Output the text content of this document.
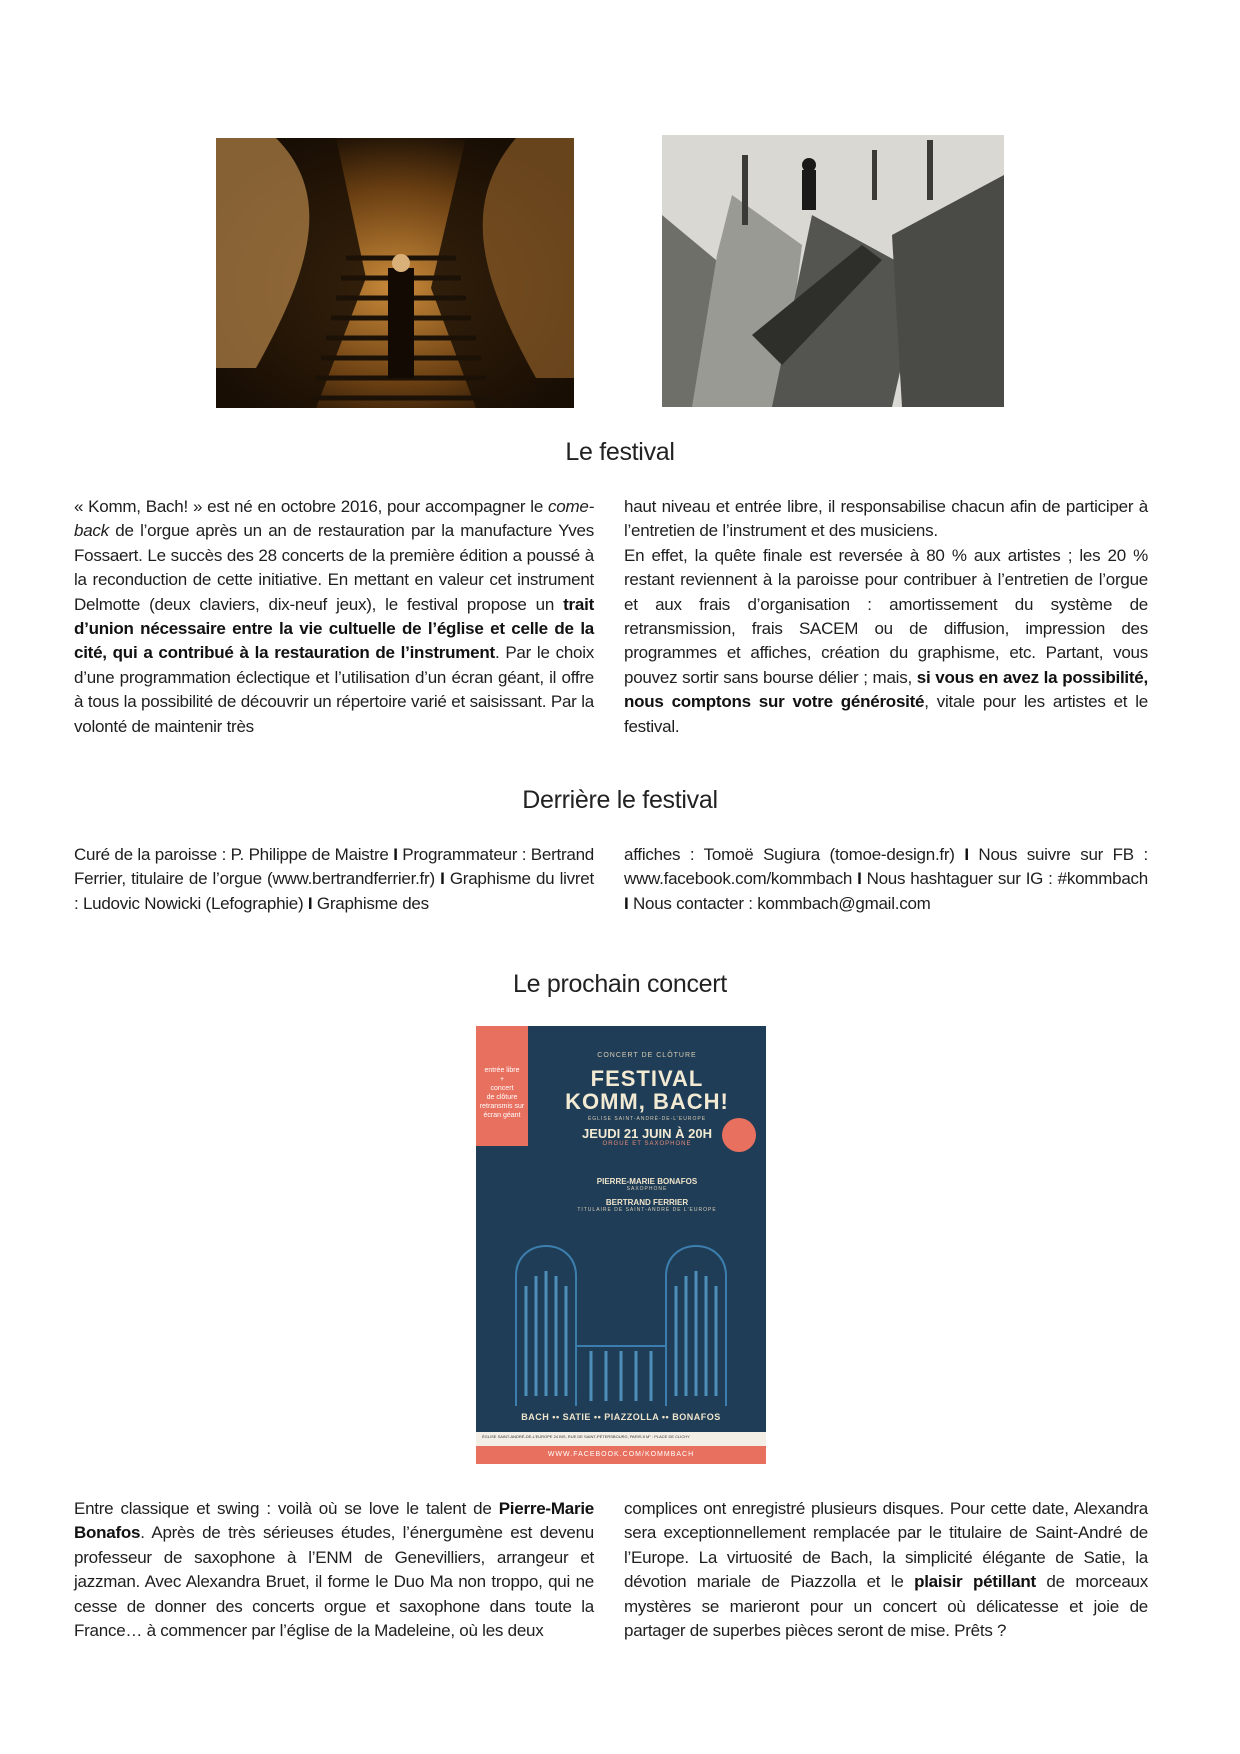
Le festival

« Komm, Bach! » est né en octobre 2016, pour accompagner le come-back de l’orgue après un an de restauration par la manufacture Yves Fossaert. Le succès des 28 concerts de la première édition a poussé à la reconduction de cette initiative. En mettant en valeur cet instrument Delmotte (deux claviers, dix-neuf jeux), le festival propose un trait d’union nécessaire entre la vie cultuelle de l’église et celle de la cité, qui a contribué à la restauration de l’instrument. Par le choix d’une programmation éclectique et l’utilisation d’un écran géant, il offre à tous la possibilité de découvrir un répertoire varié et saisissant. Par la volonté de maintenir très

haut niveau et entrée libre, il responsabilise chacun afin de participer à l’entretien de l’instrument et des musiciens.

En effet, la quête finale est reversée à 80 % aux artistes ; les 20 % restant reviennent à la paroisse pour contribuer à l’entretien de l’orgue et aux frais d’organisation : amortissement du système de retransmission, frais SACEM ou de diffusion, impression des programmes et affiches, création du graphisme, etc. Partant, vous pouvez sortir sans bourse délier ; mais, si vous en avez la possibilité, nous comptons sur votre générosité, vitale pour les artistes et le festival.

Derrière le festival

Curé de la paroisse : P. Philippe de Maistre I Programmateur : Bertrand Ferrier, titulaire de l’orgue (www.bertrandferrier.fr) I Graphisme du livret : Ludovic Nowicki (Lefographie) I Graphisme des

affiches : Tomoë Sugiura (tomoe-design.fr) I Nous suivre sur FB : www.facebook.com/kommbach I Nous hashtaguer sur IG : #kommbach I Nous contacter : kommbach@gmail.com

Le prochain concert
entrée libre
+
concert
de clôture
retransmis sur
écran géant
CONCERT DE CLÔTURE
FESTIVAL
KOMM, BACH!
ÉGLISE SAINT-ANDRÉ-DE-L’EUROPE
JEUDI 21 JUIN À 20H
ORGUE ET SAXOPHONE
PIERRE-MARIE BONAFOS
SAXOPHONE
BERTRAND FERRIER
TITULAIRE DE SAINT-ANDRÉ DE L’EUROPE
BACH •• SATIE •• PIAZZOLLA •• BONAFOS
ÉGLISE SAINT-ANDRÉ-DE-L’EUROPE 24 BIS, RUE DE SAINT-PÉTERSBOURG, PARIS 8 M° : PLACE DE CLICHY
WWW.FACEBOOK.COM/KOMMBACH

Entre classique et swing : voilà où se love le talent de Pierre-Marie Bonafos. Après de très sérieuses études, l’énergumène est devenu professeur de saxophone à l’ENM de Genevilliers, arrangeur et jazzman. Avec Alexandra Bruet, il forme le Duo Ma non troppo, qui ne cesse de donner des concerts orgue et saxophone dans toute la France… à commencer par l’église de la Madeleine, où les deux

complices ont enregistré plusieurs disques. Pour cette date, Alexandra sera exceptionnellement remplacée par le titulaire de Saint-André de l’Europe. La virtuosité de Bach, la simplicité élégante de Satie, la dévotion mariale de Piazzolla et le plaisir pétillant de morceaux mystères se marieront pour un concert où délicatesse et joie de partager de superbes pièces seront de mise. Prêts ?
